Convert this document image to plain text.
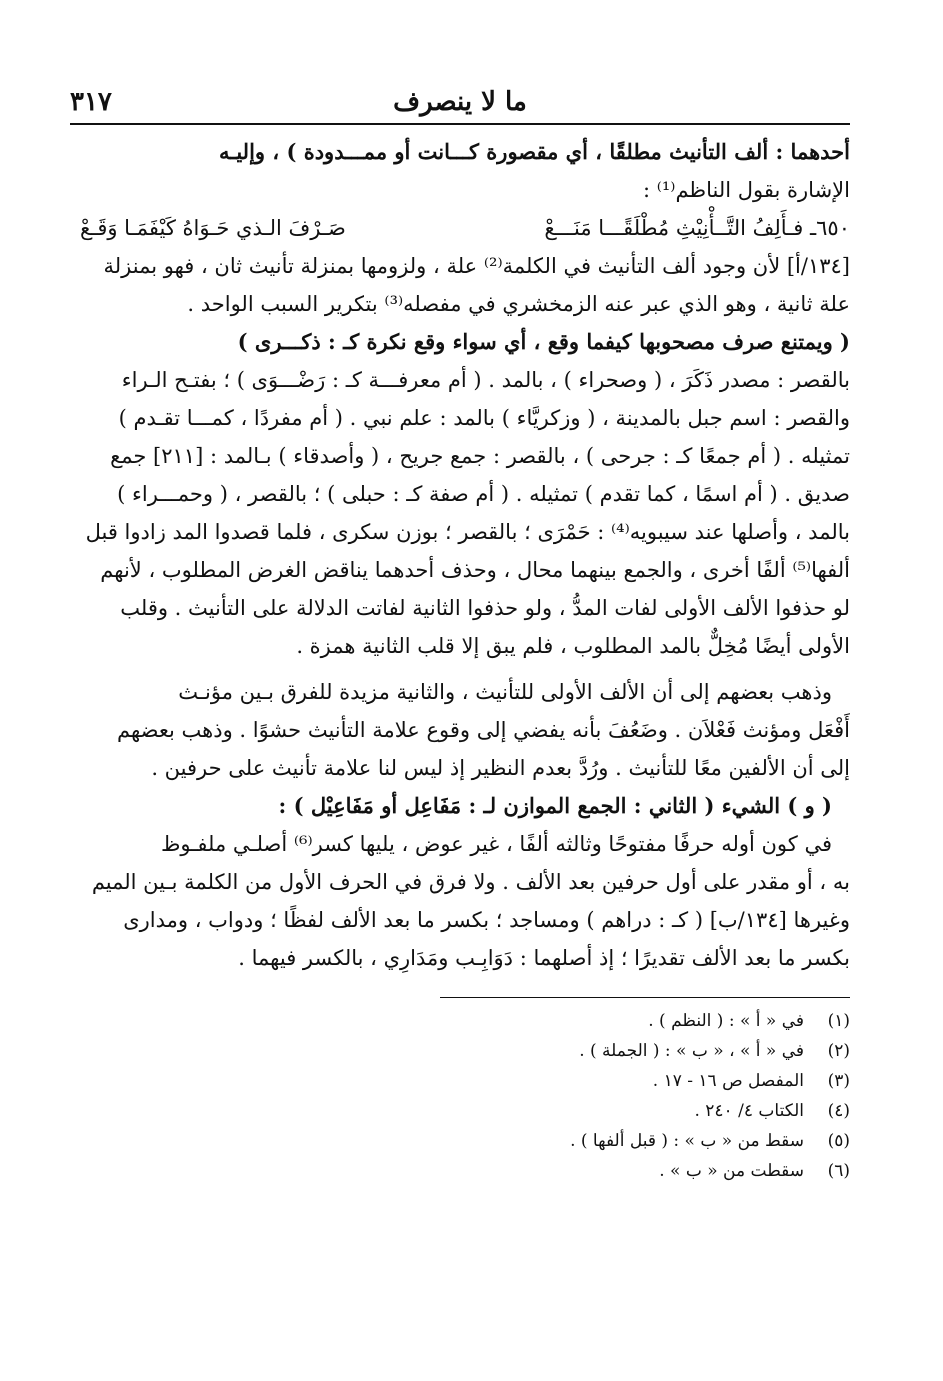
ما لا ينصرف
٣١٧
أحدهما : ألف التأنيث مطلقًا ، أي مقصورة كـــانت أو ممـــدودة ) ، وإليـه
الإشارة بقول الناظم⁽¹⁾ :
٦٥٠ـ فـأَلِفُ التَّــأْنِيْثِ مُطْلَقًـــا مَنَـــعْ
صَـرْفَ الـذي حَـوَاهُ كَيْفَمَـا وَقَـعْ
[١٣٤/أ] لأن وجود ألف التأنيث في الكلمة⁽²⁾ علة ، ولزومها بمنزلة تأنيث ثان ، فهو بمنزلة
علة ثانية ، وهو الذي عبر عنه الزمخشري في مفصله⁽³⁾ بتكرير السبب الواحد .
( ويمتنع صرف مصحوبها كيفما وقع ، أي سواء وقع نكرة كـ : ذكـــرى )
بالقصر : مصدر ذَكَرَ ، ( وصحراء ) ، بالمد . ( أم معرفـــة كـ : رَضْـــوَى ) ؛ بفتـح الـراء
والقصر : اسم جبل بالمدينة ، ( وزكريَّاء ) بالمد : علم نبي . ( أم مفردًا ، كمـــا تقـدم )
تمثيله . ( أم جمعًا كـ : جرحى ) ، بالقصر : جمع جريح ، ( وأصدقاء ) بـالمد : [٢١١] جمع
صديق . ( أم اسمًا ، كما تقدم ) تمثيله . ( أم صفة كـ : حبلى ) ؛ بالقصر ، ( وحمـــراء )
بالمد ، وأصلها عند سيبويه⁽⁴⁾ : حَمْرَى ؛ بالقصر ؛ بوزن سكرى ، فلما قصدوا المد زادوا قبل
ألفها⁽⁵⁾ ألفًا أخرى ، والجمع بينهما محال ، وحذف أحدهما يناقض الغرض المطلوب ، لأنهم
لو حذفوا الألف الأولى لفات المدُّ ، ولو حذفوا الثانية لفاتت الدلالة على التأنيث . وقلب
الأولى أيضًا مُخِلٌّ بالمد المطلوب ، فلم يبق إلا قلب الثانية همزة .
وذهب بعضهم إلى أن الألف الأولى للتأنيث ، والثانية مزيدة للفرق بـين مؤنـث
أَفْعَل ومؤنث فَعْلاَن . وضَعُفَ بأنه يفضي إلى وقوع علامة التأنيث حشوًا . وذهب بعضهم
إلى أن الألفين معًا للتأنيث . ورُدَّ بعدم النظير إذ ليس لنا علامة تأنيث على حرفين .
( و ) الشيء ( الثاني : الجمع الموازن لـ : مَفَاعِل أو مَفَاعِيْل ) :
في كون أوله حرفًا مفتوحًا وثالثه ألفًا ، غير عوض ، يليها كسر⁽⁶⁾ أصلـي ملفـوظ
به ، أو مقدر على أول حرفين بعد الألف . ولا فرق في الحرف الأول من الكلمة بـين الميم
وغيرها [١٣٤/ب] ( كـ : دراهم ) ومساجد ؛ بكسر ما بعد الألف لفظًا ؛ ودواب ، ومدارى
بكسر ما بعد الألف تقديرًا ؛ إذ أصلهما : دَوَابِـب ومَدَارِي ، بالكسر فيهما .
(١)
في « أ » : ( النظم ) .
(٢)
في « أ » ، « ب » : ( الجملة ) .
(٣)
المفصل ص ١٦ - ١٧ .
(٤)
الكتاب ٤/ ٢٤٠ .
(٥)
سقط من « ب » : ( قبل ألفها ) .
(٦)
سقطت من « ب » .
